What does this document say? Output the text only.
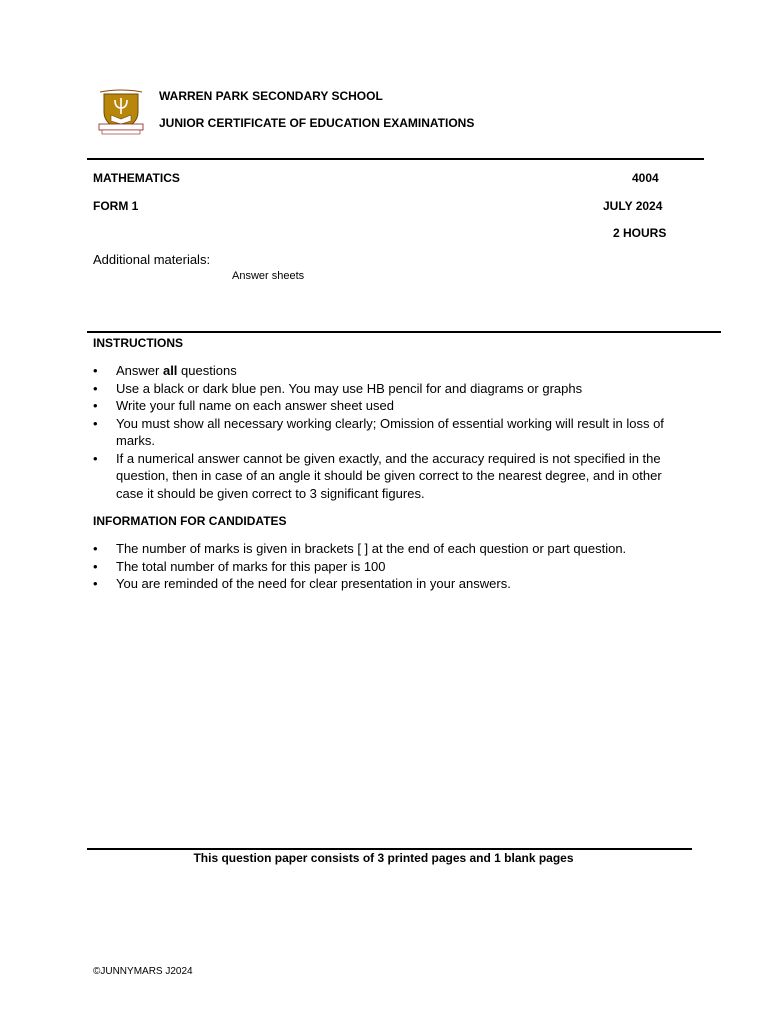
WARREN PARK SECONDARY SCHOOL
JUNIOR CERTIFICATE OF EDUCATION EXAMINATIONS
MATHEMATICS	4004
FORM 1	JULY 2024
2 HOURS
Additional materials:
Answer sheets
INSTRUCTIONS
• Answer all questions
• Use a black or dark blue pen. You may use HB pencil for and diagrams or graphs
• Write your full name on each answer sheet used
• You must show all necessary working clearly; Omission of essential working will result in loss of marks.
• If a numerical answer cannot be given exactly, and the accuracy required is not specified in the question, then in case of an angle it should be given correct to the nearest degree, and in other case it should be given correct to 3 significant figures.
INFORMATION FOR CANDIDATES
• The number of marks is given in brackets [ ] at the end of each question or part question.
• The total number of marks for this paper is 100
• You are reminded of the need for clear presentation in your answers.
This question paper consists of 3 printed pages and 1 blank pages
©JUNNYMARS J2024
